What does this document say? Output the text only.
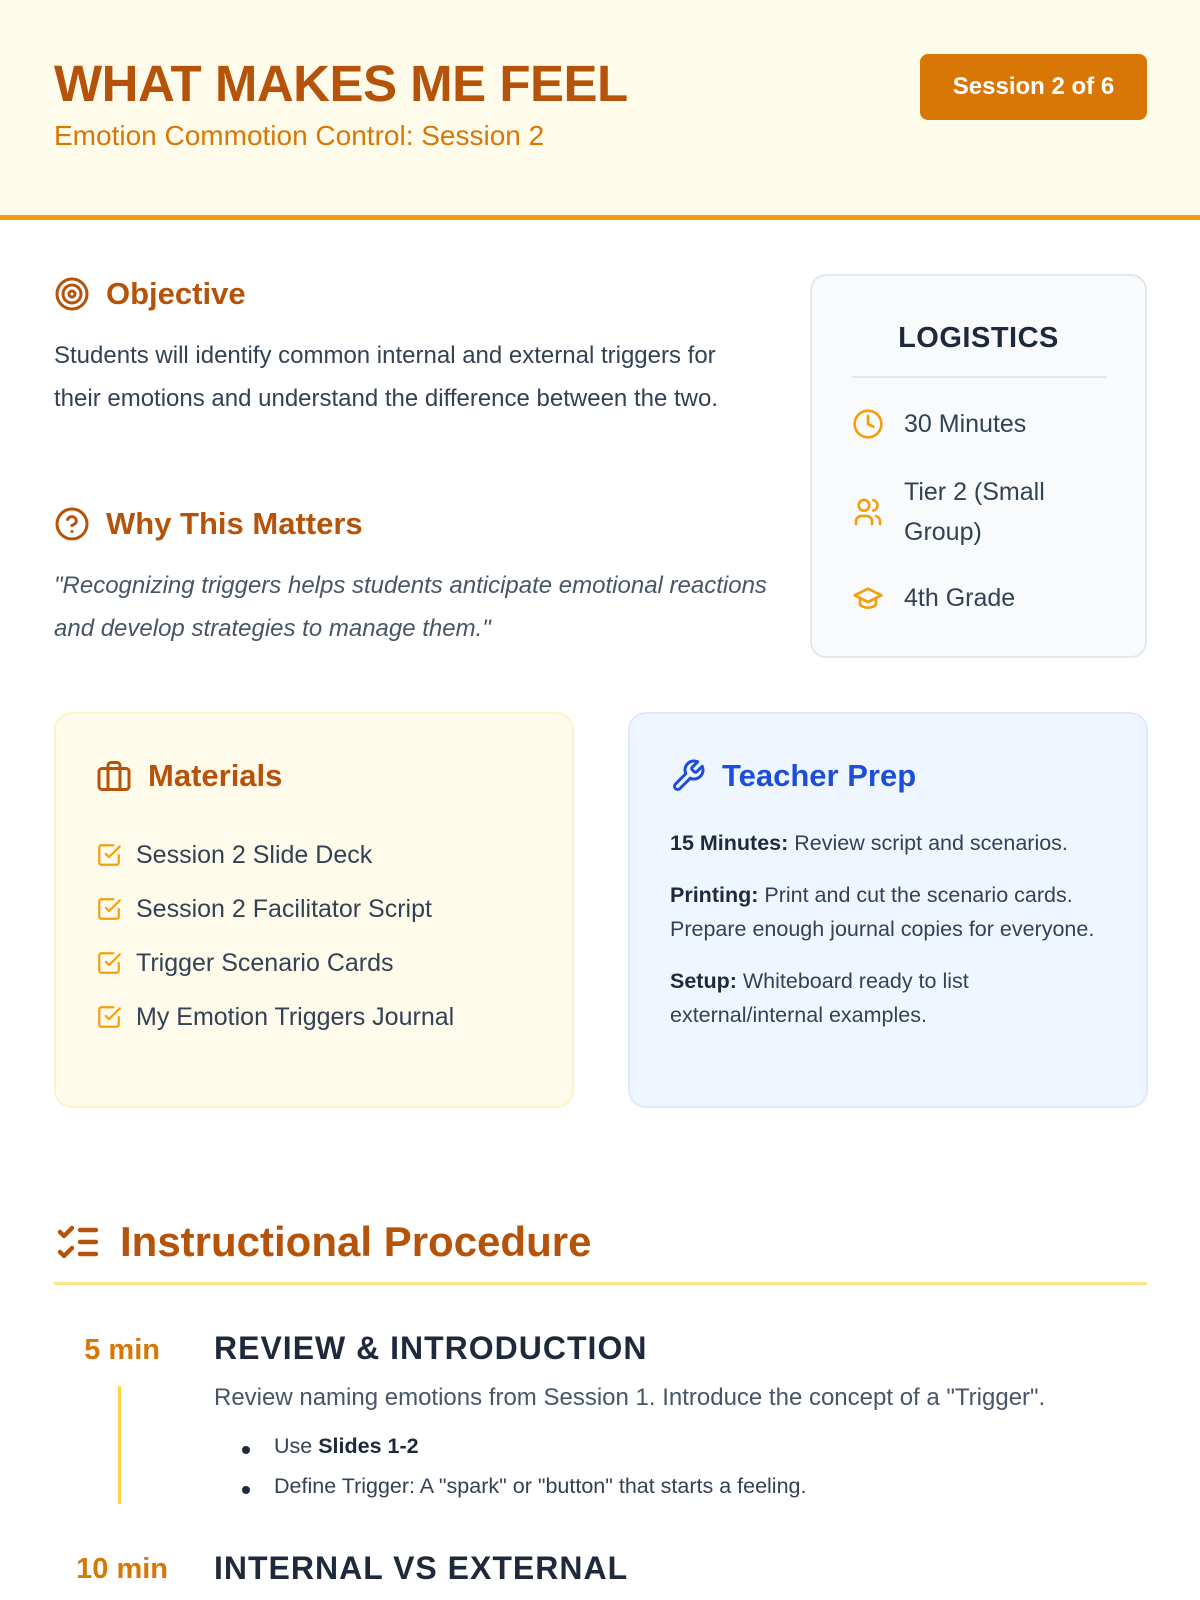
WHAT MAKES ME FEEL
Emotion Commotion Control: Session 2
Session 2 of 6
Objective
Students will identify common internal and external triggers for their emotions and understand the difference between the two.
Why This Matters
"Recognizing triggers helps students anticipate emotional reactions and develop strategies to manage them."
LOGISTICS
30 Minutes
Tier 2 (Small Group)
4th Grade
Materials
Session 2 Slide Deck
Session 2 Facilitator Script
Trigger Scenario Cards
My Emotion Triggers Journal
Teacher Prep

15 Minutes: Review script and scenarios.

Printing: Print and cut the scenario cards. Prepare enough journal copies for everyone.

Setup: Whiteboard ready to list external/internal examples.

Instructional Procedure
5 min REVIEW & INTRODUCTION
Review naming emotions from Session 1. Introduce the concept of a "Trigger".
Use Slides 1-2
Define Trigger: A "spark" or "button" that starts a feeling.
10 min INTERNAL VS EXTERNAL
